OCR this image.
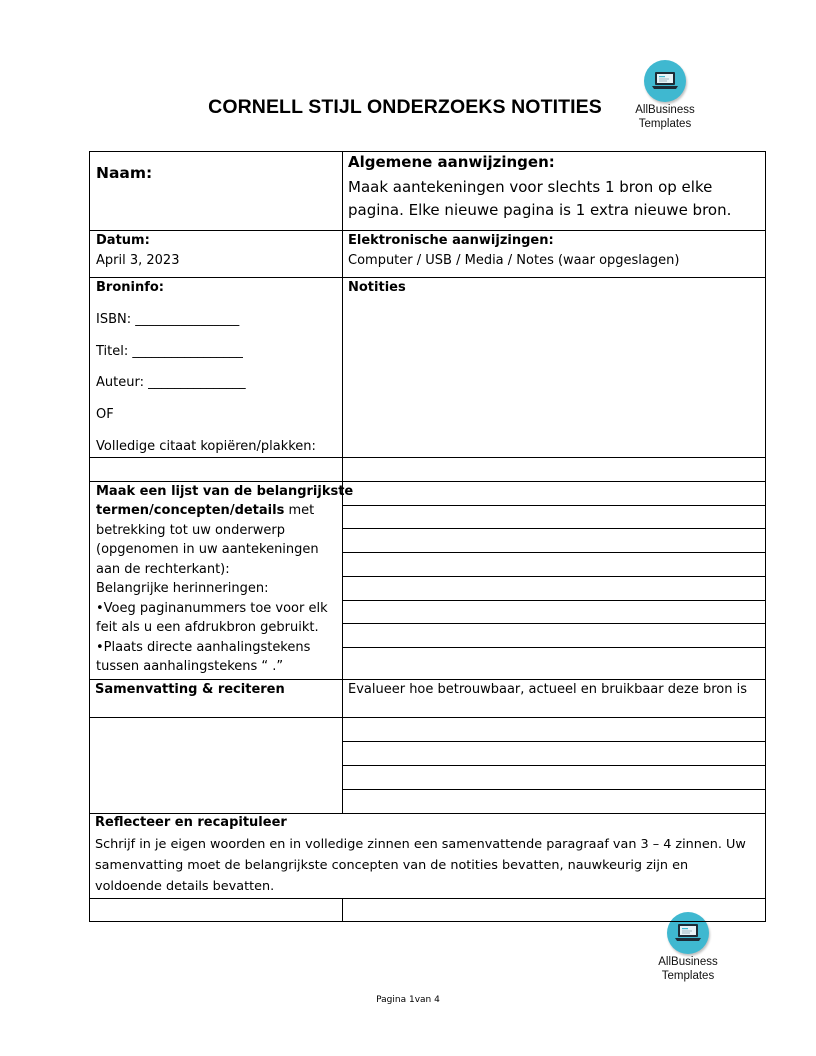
CORNELL STIJL ONDERZOEKS NOTITIES	AllBusiness
Templates
AllBusiness
Templates
Naam:
Algemene aanwijzingen:
Maak aantekeningen voor slechts 1 bron op elke
pagina. Elke nieuwe pagina is 1 extra nieuwe bron.
Datum:
April 3, 2023
Elektronische aanwijzingen:
Computer / USB / Media / Notes (waar opgeslagen)
Broninfo:
ISBN: ________________
Titel: _________________
Auteur: _______________
OF
Volledige citaat kopiëren/plakken:
Notities
Maak een lijst van de belangrijkste
termen/concepten/details met
betrekking tot uw onderwerp
(opgenomen in uw aantekeningen
aan de rechterkant):
Belangrijke herinneringen:
•Voeg paginanummers toe voor elk
feit als u een afdrukbron gebruikt.
•Plaats directe aanhalingstekens
tussen aanhalingstekens “ .”
Samenvatting & reciteren	Evalueer hoe betrouwbaar, actueel en bruikbaar deze bron is
Reflecteer en recapituleer
Schrijf in je eigen woorden en in volledige zinnen een samenvattende paragraaf van 3 – 4 zinnen. Uw
samenvatting moet de belangrijkste concepten van de notities bevatten, nauwkeurig zijn en
voldoende details bevatten.
Pagina 1van 4
